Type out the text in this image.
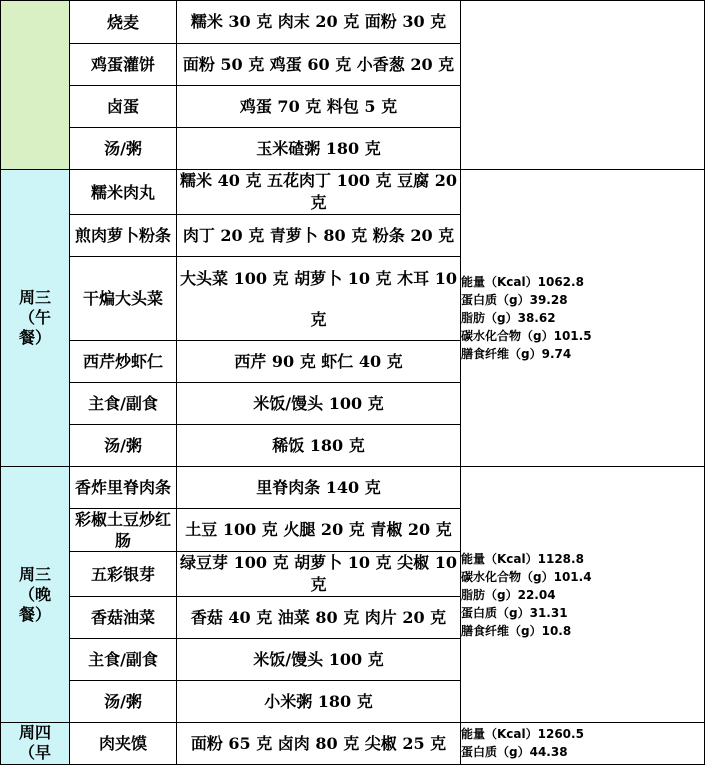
	烧麦	糯米 30 克 肉末 20 克 面粉 30 克	
	鸡蛋灌饼	面粉 50 克 鸡蛋 60 克 小香葱 20 克	
	卤蛋	鸡蛋 70 克 料包 5 克	
	汤/粥	玉米碴粥 180 克	

周三
（午
餐）	糯米肉丸	糯米 40 克 五花肉丁 100 克 豆腐 20 克	能量（Kcal）1062.8
蛋白质（g）39.28
脂肪（g）38.62
碳水化合物（g）101.5
膳食纤维（g）9.74

	煎肉萝卜粉条	肉丁 20 克 青萝卜 80 克 粉条 20 克	
	干煸大头菜	大头菜 100 克 胡萝卜 10 克 木耳 10 克	
	西芹炒虾仁	西芹 90 克 虾仁 40 克	
	主食/副食	米饭/馒头 100 克	
	汤/粥	稀饭 180 克	

周三
（晚
餐）	香炸里脊肉条	里脊肉条 140 克	能量（Kcal）1128.8
碳水化合物（g）101.4
脂肪（g）22.04
蛋白质（g）31.31
膳食纤维（g）10.8

	彩椒土豆炒红肠	土豆 100 克 火腿 20 克 青椒 20 克	
	五彩银芽	绿豆芽 100 克 胡萝卜 10 克 尖椒 10 克	
	香菇油菜	香菇 40 克 油菜 80 克 肉片 20 克	
	主食/副食	米饭/馒头 100 克	
	汤/粥	小米粥 180 克	

周四
（早	肉夹馍	面粉 65 克 卤肉 80 克 尖椒 25 克	能量（Kcal）1260.5
蛋白质（g）44.38
